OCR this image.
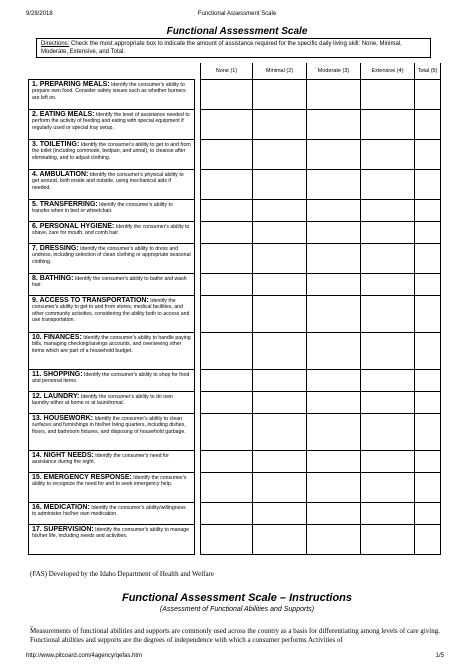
9/28/2018	Functional Assessment Scale
Functional Assessment Scale
Directions: Check the most appropriate box to indicate the amount of assistance required for the specific daily living skill: None, Minimal, Moderate, Extensive, and Total.
		None (1)	Minimal (2)	Moderate (3)	Extensive (4)	Total (5)
1. PREPARING MEALS: Identify the consumer's ability to prepare own food. Consider safety issues such as whether burners are left on.						
2. EATING MEALS: Identify the level of assistance needed to perform the activity of feeding and eating with special equipment if regularly used or special tray setup.						
3. TOILETING: Identify the consumer's ability to get to and from the toilet (including commode, bedpan, and urinal), to cleanse after eliminating, and to adjust clothing.						
4. AMBULATION: Identify the consumer's physical ability to get around, both inside and outside, using mechanical aids if needed.						
5. TRANSFERRING: Identify the consumer's ability to transfer when in bed or wheelchair.						
6. PERSONAL HYGIENE: Identify the consumer's ability to shave, care for mouth, and comb hair.						
7. DRESSING: Identify the consumer's ability to dress and undress, including selection of clean clothing or appropriate seasonal clothing.						
8. BATHING: Identify the consumer's ability to bathe and wash hair.						
9. ACCESS TO TRANSPORTATION: Identify the consumer's ability to get to and from stores, medical facilities, and other community activities, considering the ability both to access and use transportation.						
10. FINANCES: Identify the consumer's ability to handle paying bills, managing checking/savings accounts, and overseeing other items which are part of a household budget.						
11. SHOPPING: Identify the consumer's ability to shop for food and personal items.						
12. LAUNDRY: Identify the consumer's ability to do own laundry either at home or at laundromat.						
13. HOUSEWORK: Identify the consumer's ability to clean surfaces and furnishings in his/her living quarters, including dishes, floors, and bathroom fixtures, and disposing of household garbage.						
14. NIGHT NEEDS: Identify the consumer's need for assistance during the night.						
15. EMERGENCY RESPONSE: Identify the consumer's ability to recognize the need for and to seek emergency help.						
16. MEDICATION: Identify the consumer's ability/willingness to administer his/her own medication.						
17. SUPERVISION: Identify the consumer's ability to manage his/her life, including needs and activities.						
(FAS) Developed by the Idaho Department of Health and Welfare
Functional Assessment Scale – Instructions
(Assessment of Functional Abilities and Supports)
_
Measurements of functional abilities and supports are commonly used across the country as a basis for differentiating among levels of care giving. Functional abilities and supports are the degrees of independence with which a consumer performs Activities of
http://www.pitcoard.com/4agency/qefas.htm	1/5
